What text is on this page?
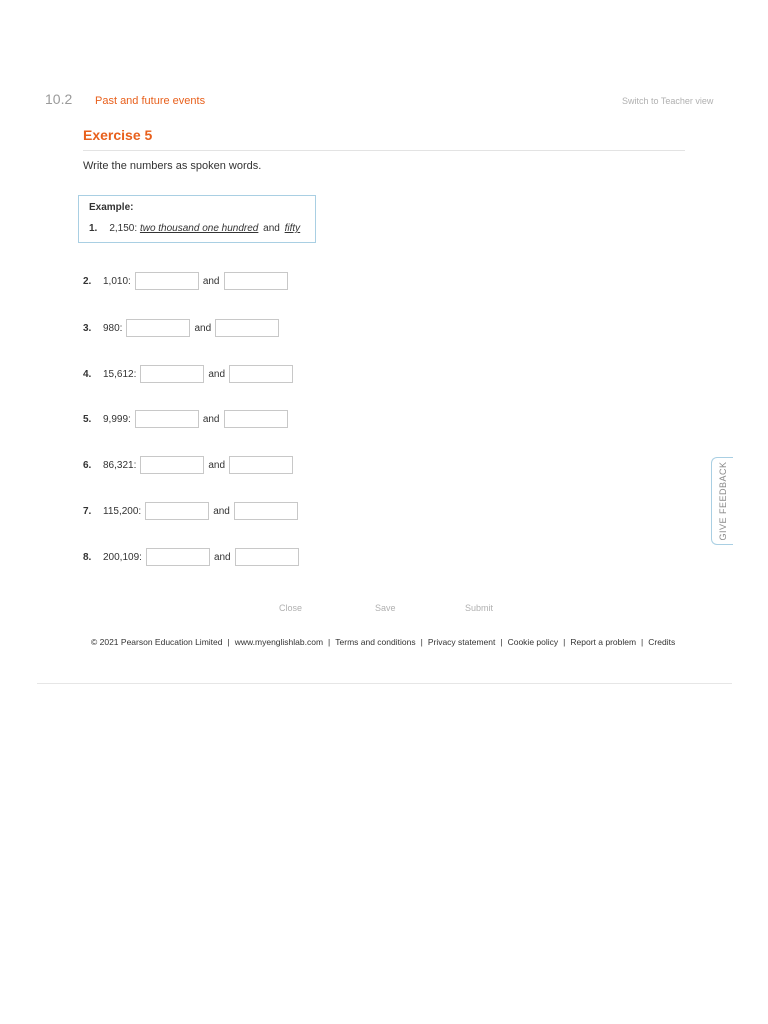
10.2 Past and future events	Switch to Teacher view
Exercise 5
Write the numbers as spoken words.
Example:
1. 2,150: two thousand one hundred and fifty
2.	1,010:	and
3.	980:	and
4.	15,612:	and
5.	9,999:	and
6.	86,321:	and
7.	115,200:	and
8.	200,109:	and
Close	Save	Submit
© 2021 Pearson Education Limited | www.myenglishlab.com | Terms and conditions | Privacy statement | Cookie policy | Report a problem | Credits
GIVE FEEDBACK
